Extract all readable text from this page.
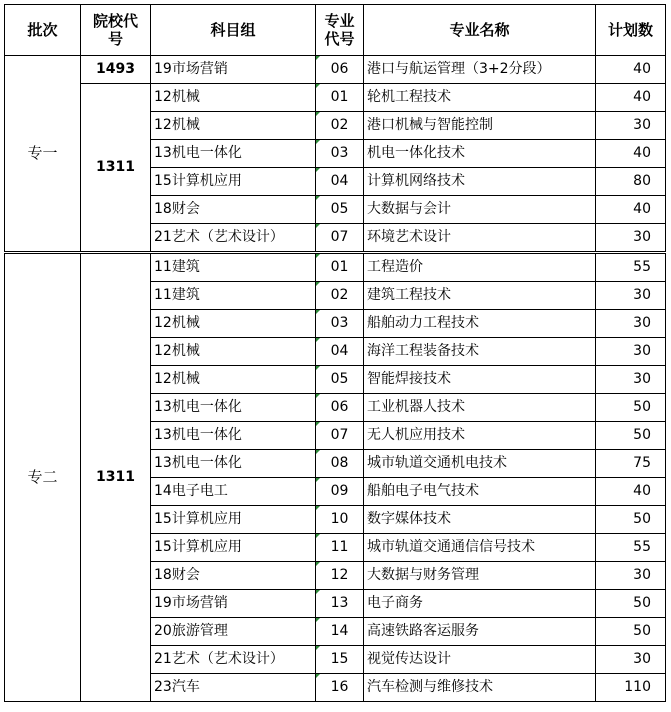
批次	院校代号	科目组	专业代号	专业名称	计划数
专一	1493	19市场营销	06	港口与航运管理（3+2分段）	40
	1311	12机械	01	轮机工程技术	40
		12机械	02	港口机械与智能控制	30
		13机电一体化	03	机电一体化技术	40
		15计算机应用	04	计算机网络技术	80
		18财会	05	大数据与会计	40
		21艺术（艺术设计）	07	环境艺术设计	30
专二	1311	11建筑	01	工程造价	55
		11建筑	02	建筑工程技术	30
		12机械	03	船舶动力工程技术	30
		12机械	04	海洋工程装备技术	30
		12机械	05	智能焊接技术	30
		13机电一体化	06	工业机器人技术	50
		13机电一体化	07	无人机应用技术	50
		13机电一体化	08	城市轨道交通机电技术	75
		14电子电工	09	船舶电子电气技术	40
		15计算机应用	10	数字媒体技术	50
		15计算机应用	11	城市轨道交通通信信号技术	55
		18财会	12	大数据与财务管理	30
		19市场营销	13	电子商务	50
		20旅游管理	14	高速铁路客运服务	50
		21艺术（艺术设计）	15	视觉传达设计	30
		23汽车	16	汽车检测与维修技术	110
